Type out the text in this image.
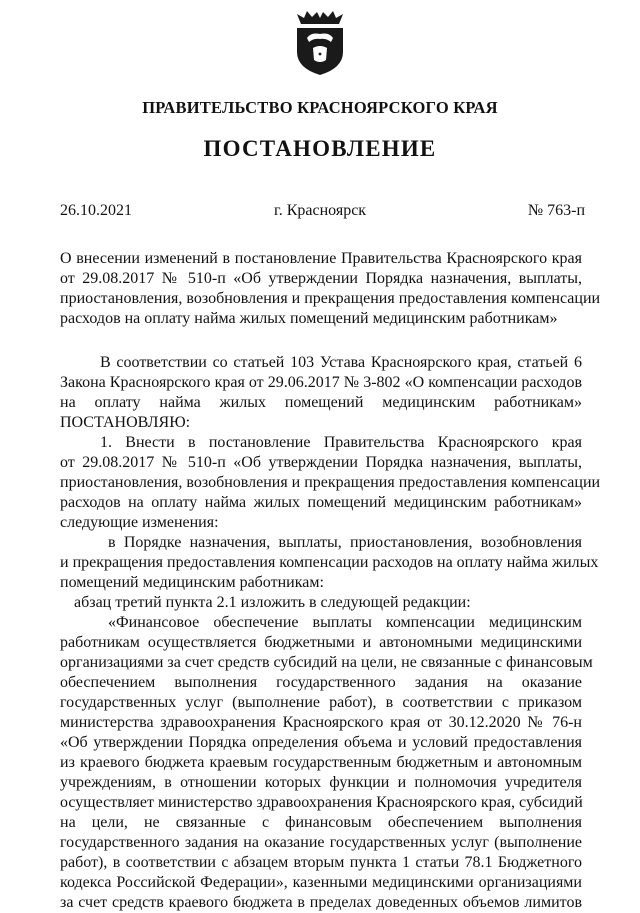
ПРАВИТЕЛЬСТВО КРАСНОЯРСКОГО КРАЯ
ПОСТАНОВЛЕНИЕ
26.10.2021	г. Красноярск	№ 763-п
О внесении изменений в постановление Правительства Красноярского края
от 29.08.2017 № 510-п «Об утверждении Порядка назначения, выплаты,
приостановления, возобновления и прекращения предоставления компенсации
расходов на оплату найма жилых помещений медицинским работникам»
В соответствии со статьей 103 Устава Красноярского края, статьей 6
Закона Красноярского края от 29.06.2017 № 3-802 «О компенсации расходов
на оплату найма жилых помещений медицинским работникам»
ПОСТАНОВЛЯЮ:
1. Внести в постановление Правительства Красноярского края
от 29.08.2017 № 510-п «Об утверждении Порядка назначения, выплаты,
приостановления, возобновления и прекращения предоставления компенсации
расходов на оплату найма жилых помещений медицинским работникам»
следующие изменения:
в Порядке назначения, выплаты, приостановления, возобновления
и прекращения предоставления компенсации расходов на оплату найма жилых
помещений медицинским работникам:
абзац третий пункта 2.1 изложить в следующей редакции:
«Финансовое обеспечение выплаты компенсации медицинским
работникам осуществляется бюджетными и автономными медицинскими
организациями за счет средств субсидий на цели, не связанные с финансовым
обеспечением выполнения государственного задания на оказание
государственных услуг (выполнение работ), в соответствии с приказом
министерства здравоохранения Красноярского края от 30.12.2020 № 76-н
«Об утверждении Порядка определения объема и условий предоставления
из краевого бюджета краевым государственным бюджетным и автономным
учреждениям, в отношении которых функции и полномочия учредителя
осуществляет министерство здравоохранения Красноярского края, субсидий
на цели, не связанные с финансовым обеспечением выполнения
государственного задания на оказание государственных услуг (выполнение
работ), в соответствии с абзацем вторым пункта 1 статьи 78.1 Бюджетного
кодекса Российской Федерации», казенными медицинскими организациями
за счет средств краевого бюджета в пределах доведенных объемов лимитов
